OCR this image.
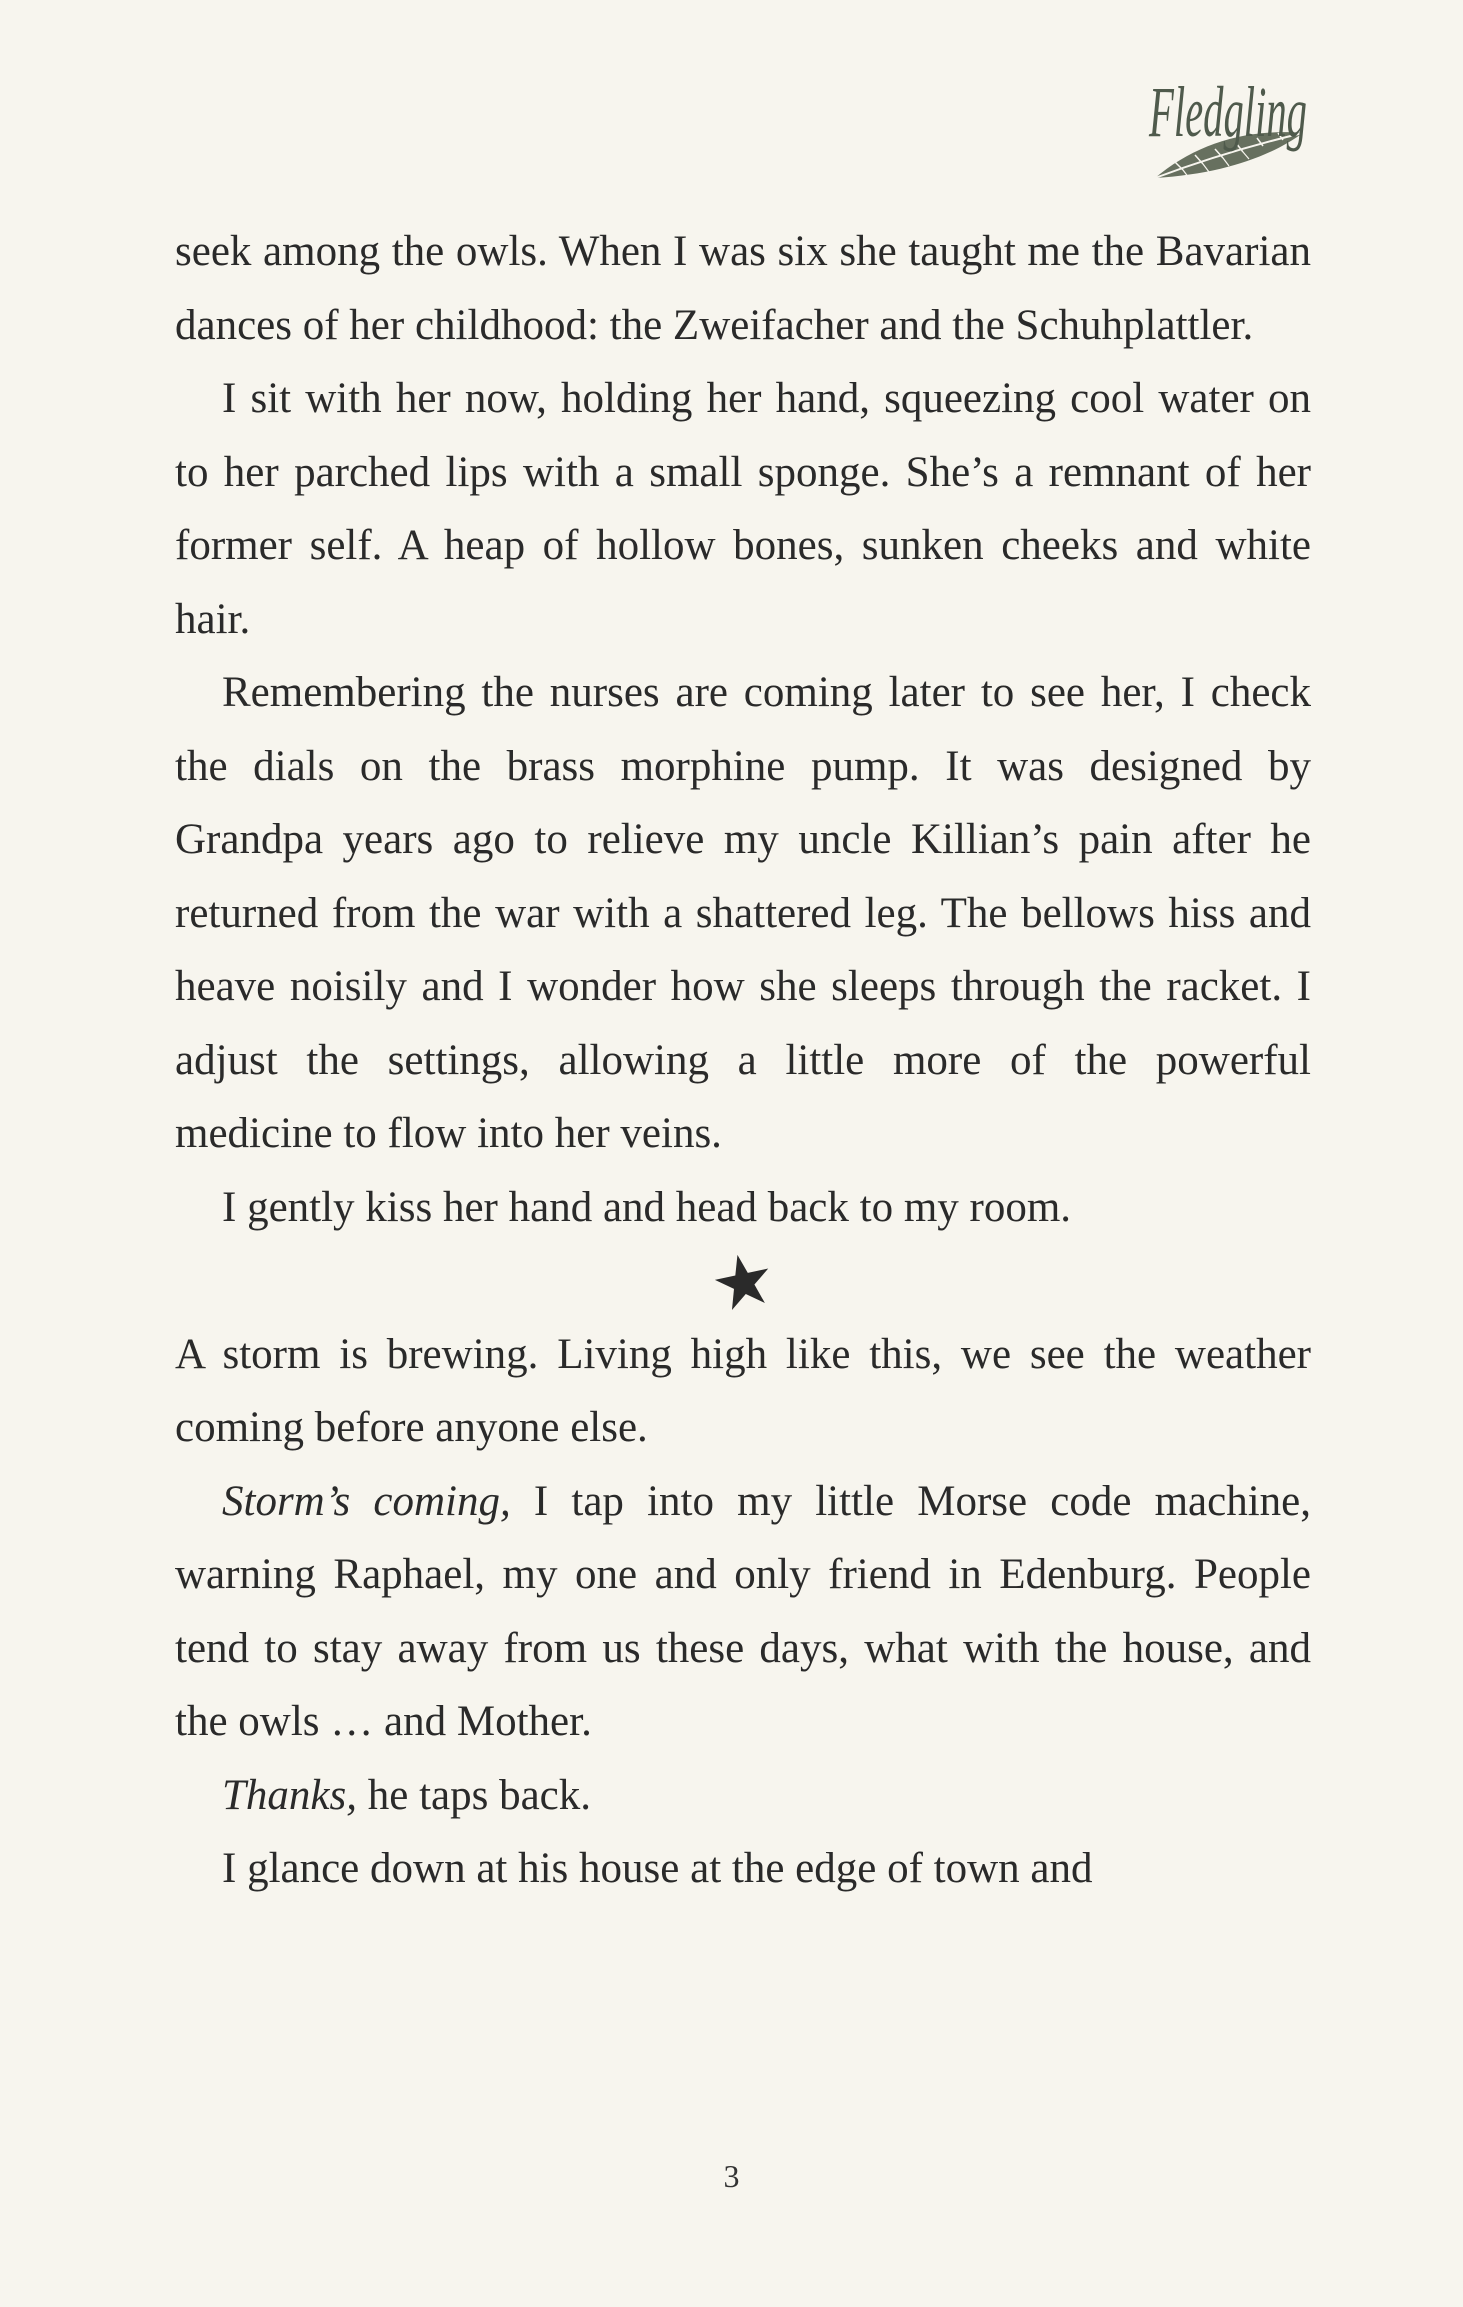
Fledgling

seek among the owls. When I was six she taught me the Bavarian dances of her childhood: the Zweifacher and the Schuhplattler.

I sit with her now, holding her hand, squeezing cool water on to her parched lips with a small sponge. She’s a remnant of her former self. A heap of hollow bones, sunken cheeks and white hair.

Remembering the nurses are coming later to see her, I check the dials on the brass morphine pump. It was designed by Grandpa years ago to relieve my uncle Killian’s pain after he returned from the war with a shattered leg. The bellows hiss and heave noisily and I wonder how she sleeps through the racket. I adjust the settings, allowing a little more of the powerful medicine to flow into her veins.

I gently kiss her hand and head back to my room.

A storm is brewing. Living high like this, we see the weather coming before anyone else.

Storm’s coming, I tap into my little Morse code machine, warning Raphael, my one and only friend in Edenburg. People tend to stay away from us these days, what with the house, and the owls … and Mother.

Thanks, he taps back.

I glance down at his house at the edge of town and

3
